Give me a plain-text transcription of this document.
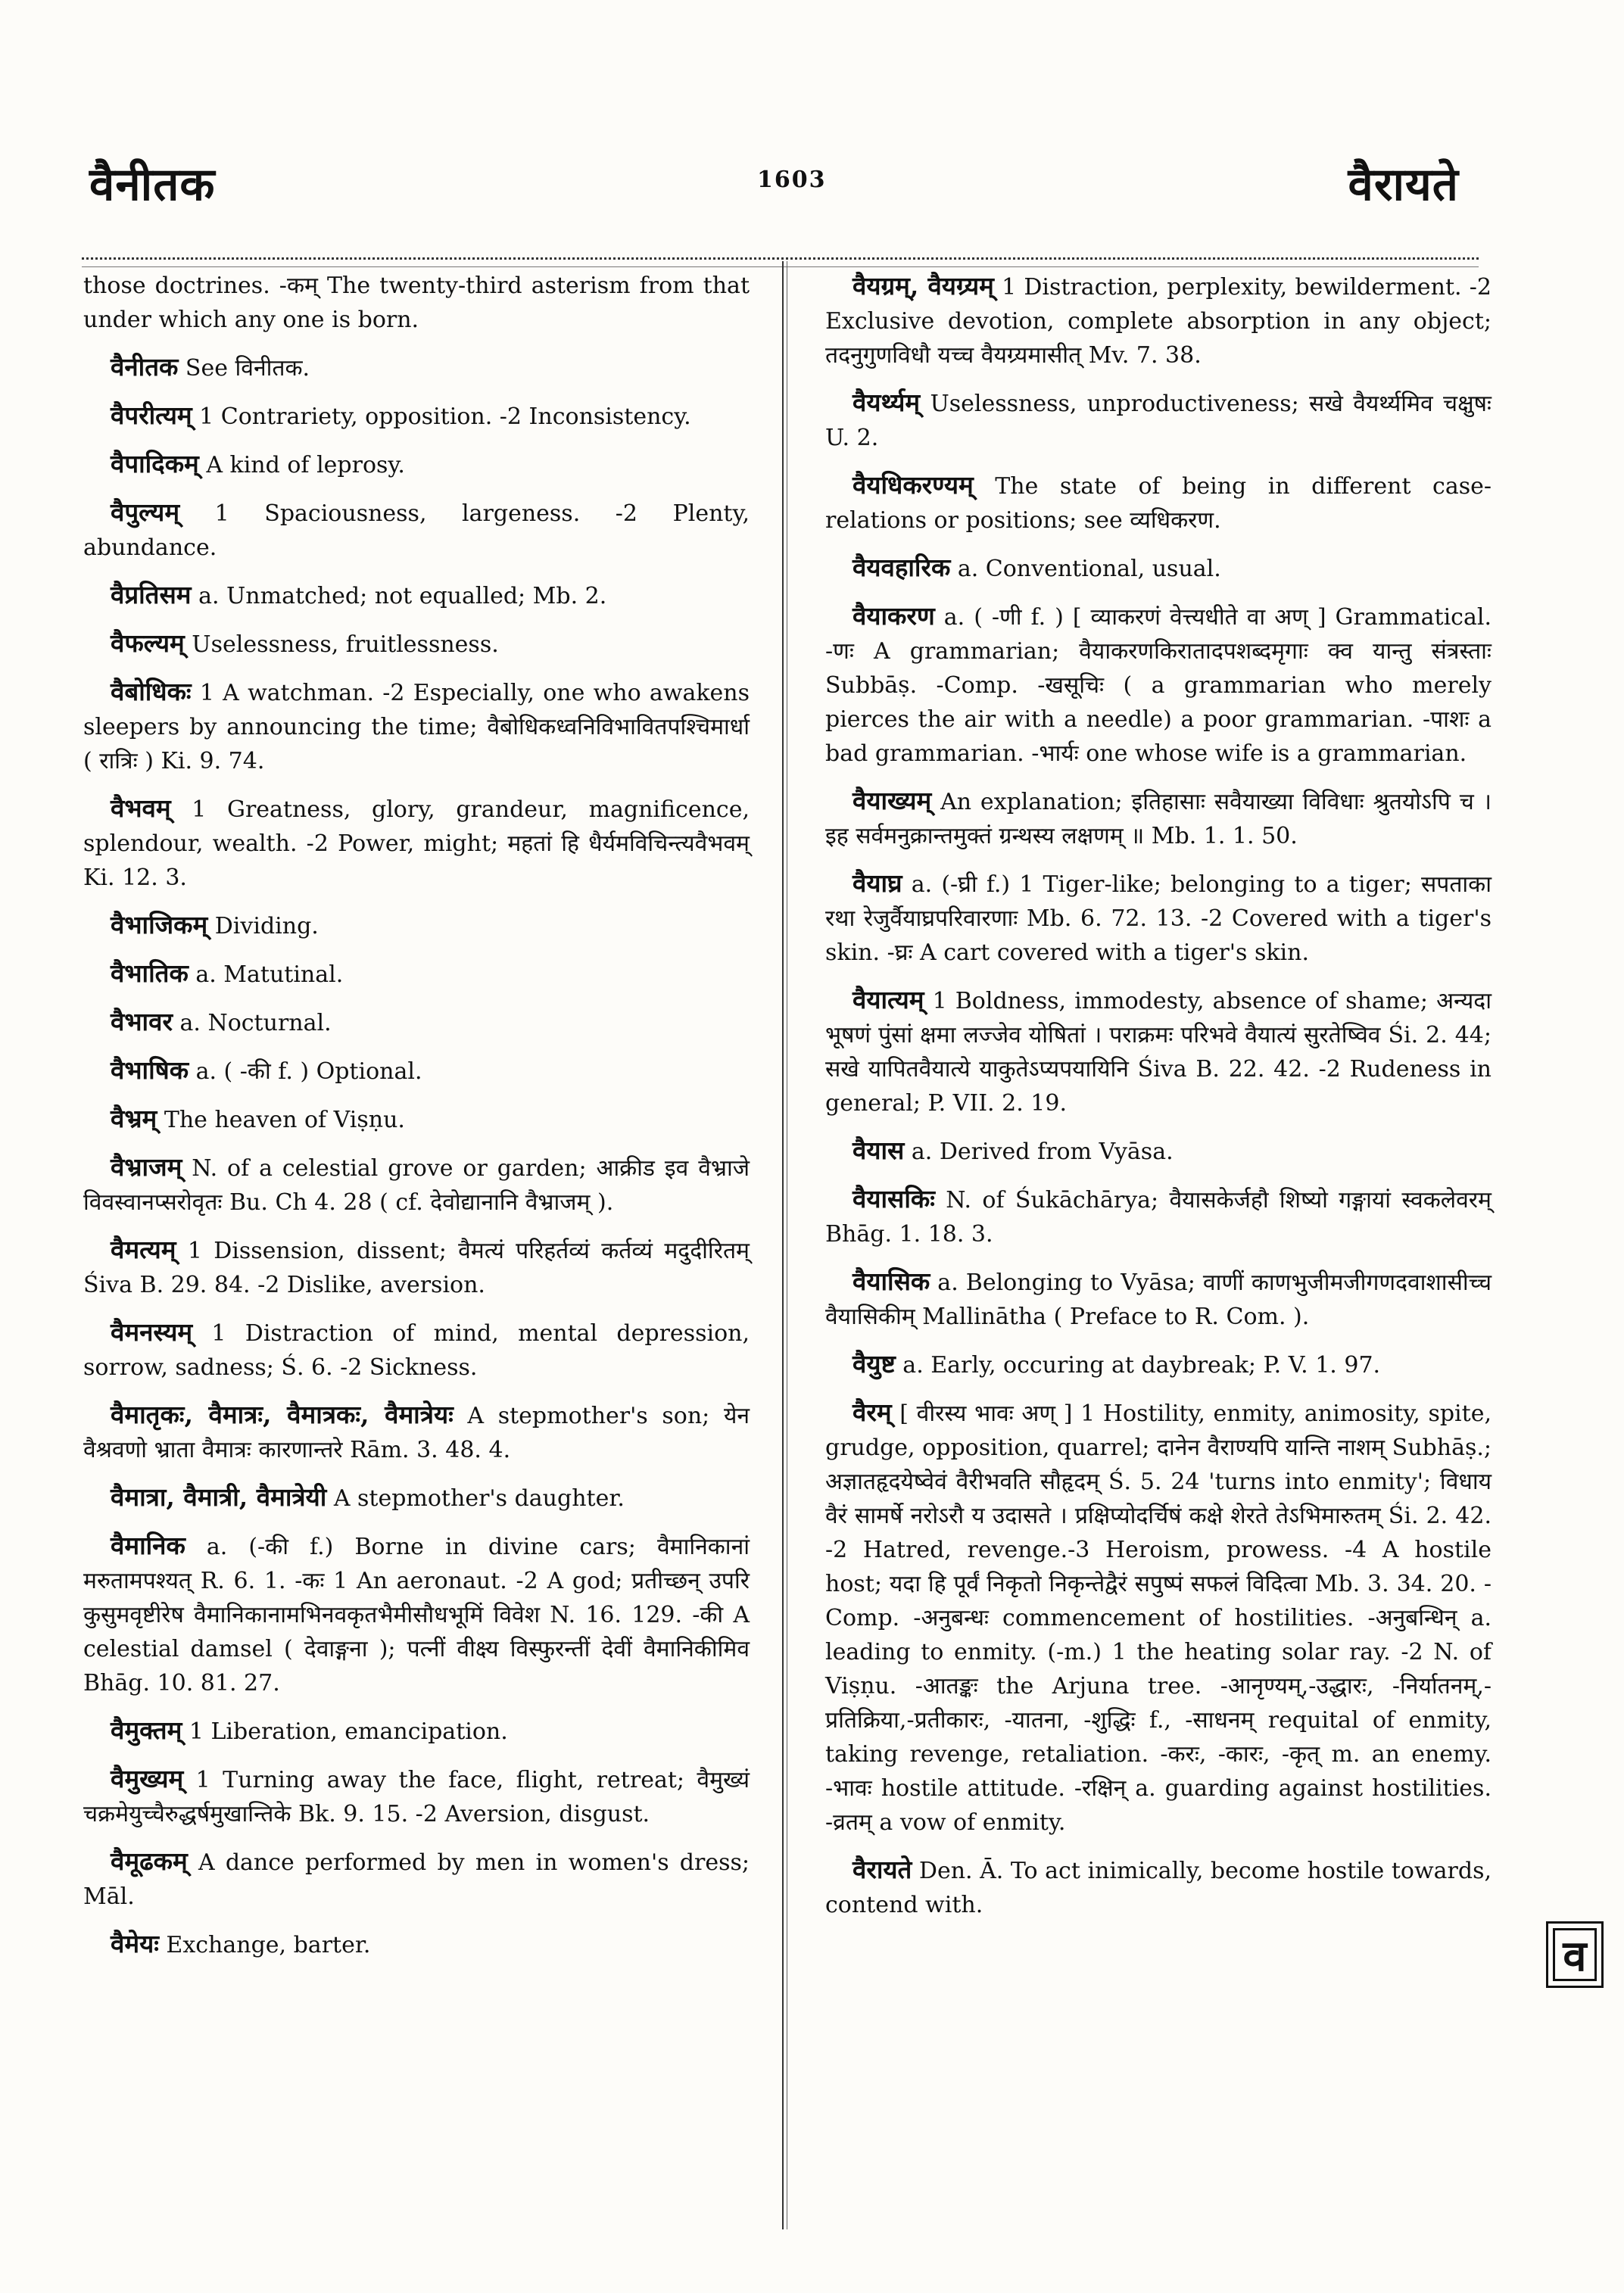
वैनीतक	1603	वैरायते

those doctrines. -कम् The twenty-third asterism from that under which any one is born.

वैनीतक See विनीतक.

वैपरीत्यम् 1 Contrariety, opposition. -2 Inconsistency.

वैपादिकम् A kind of leprosy.

वैपुल्यम् 1 Spaciousness, largeness. -2 Plenty, abundance.

वैप्रतिसम a. Unmatched; not equalled; Mb. 2.

वैफल्यम् Uselessness, fruitlessness.

वैबोधिकः 1 A watchman. -2 Especially, one who awakens sleepers by announcing the time; वैबोधिकध्वनिविभावितपश्चिमार्धा ( रात्रिः ) Ki. 9. 74.

वैभवम् 1 Greatness, glory, grandeur, magnificence, splendour, wealth. -2 Power, might; महतां हि धैर्यमविचिन्त्यवैभवम् Ki. 12. 3.

वैभाजिकम् Dividing.

वैभातिक a. Matutinal.

वैभावर a. Nocturnal.

वैभाषिक a. ( -की f. ) Optional.

वैभ्रम् The heaven of Viṣṇu.

वैभ्राजम् N. of a celestial grove or garden; आक्रीड इव वैभ्राजे विवस्वानप्सरोवृतः Bu. Ch 4. 28 ( cf. देवोद्यानानि वैभ्राजम् ).

वैमत्यम् 1 Dissension, dissent; वैमत्यं परिहर्तव्यं कर्तव्यं मदुदीरितम् Śiva B. 29. 84. -2 Dislike, aversion.

वैमनस्यम् 1 Distraction of mind, mental depression, sorrow, sadness; Ś. 6. -2 Sickness.

वैमातृकः, वैमात्रः, वैमात्रकः, वैमात्रेयः A stepmother's son; येन वैश्रवणो भ्राता वैमात्रः कारणान्तरे Rām. 3. 48. 4.

वैमात्रा, वैमात्री, वैमात्रेयी A stepmother's daughter.

वैमानिक a. (-की f.) Borne in divine cars; वैमानिकानां मरुतामपश्यत् R. 6. 1. -कः 1 An aeronaut. -2 A god; प्रतीच्छन् उपरि कुसुमवृष्टीरेष वैमानिकानामभिनवकृतभैमीसौधभूमिं विवेश N. 16. 129. -की A celestial damsel ( देवाङ्गना ); पत्नीं वीक्ष्य विस्फुरन्तीं देवीं वैमानिकीमिव Bhāg. 10. 81. 27.

वैमुक्तम् 1 Liberation, emancipation.

वैमुख्यम् 1 Turning away the face, flight, retreat; वैमुख्यं चक्रमेयुच्चैरुद्धर्षमुखान्तिके Bk. 9. 15. -2 Aversion, disgust.

वैमूढकम् A dance performed by men in women's dress; Māl.

वैमेयः Exchange, barter.

वैयग्रम्, वैयग्र्यम् 1 Distraction, perplexity, bewilderment. -2 Exclusive devotion, complete absorption in any object; तदनुगुणविधौ यच्च वैयग्र्यमासीत् Mv. 7. 38.

वैयर्थ्यम् Uselessness, unproductiveness; सखे वैयर्थ्यमिव चक्षुषः U. 2.

वैयधिकरण्यम् The state of being in different case-relations or positions; see व्यधिकरण.

वैयवहारिक a. Conventional, usual.

वैयाकरण a. ( -णी f. ) [ व्याकरणं वेत्त्यधीते वा अण् ] Grammatical. -णः A grammarian; वैयाकरणकिरातादपशब्दमृगाः क्व यान्तु संत्रस्ताः Subbāṣ. -Comp. -खसूचिः ( a grammarian who merely pierces the air with a needle) a poor grammarian. -पाशः a bad grammarian. -भार्यः one whose wife is a grammarian.

वैयाख्यम् An explanation; इतिहासाः सवैयाख्या विविधाः श्रुतयोऽपि च । इह सर्वमनुक्रान्तमुक्तं ग्रन्थस्य लक्षणम् ॥ Mb. 1. 1. 50.

वैयाघ्र a. (-घ्री f.) 1 Tiger-like; belonging to a tiger; सपताका रथा रेजुर्वैयाघ्रपरिवारणाः Mb. 6. 72. 13. -2 Covered with a tiger's skin. -घ्रः A cart covered with a tiger's skin.

वैयात्यम् 1 Boldness, immodesty, absence of shame; अन्यदा भूषणं पुंसां क्षमा लज्जेव योषितां । पराक्रमः परिभवे वैयात्यं सुरतेष्विव Śi. 2. 44; सखे यापितवैयात्ये याकुतेऽप्यपयायिनि Śiva B. 22. 42. -2 Rudeness in general; P. VII. 2. 19.

वैयास a. Derived from Vyāsa.

वैयासकिः N. of Śukāchārya; वैयासकेर्जहौ शिष्यो गङ्गायां स्वकलेवरम् Bhāg. 1. 18. 3.

वैयासिक a. Belonging to Vyāsa; वाणीं काणभुजीमजीगणदवाशासीच्च वैयासिकीम् Mallinātha ( Preface to R. Com. ).

वैयुष्ट a. Early, occuring at daybreak; P. V. 1. 97.

वैरम् [ वीरस्य भावः अण् ] 1 Hostility, enmity, animosity, spite, grudge, opposition, quarrel; दानेन वैराण्यपि यान्ति नाशम् Subhāṣ.; अज्ञातहृदयेष्वेवं वैरीभवति सौहृदम् Ś. 5. 24 'turns into enmity'; विधाय वैरं सामर्षे नरोऽरौ य उदासते । प्रक्षिप्योदर्चिषं कक्षे शेरते तेऽभिमारुतम् Śi. 2. 42. -2 Hatred, revenge.-3 Heroism, prowess. -4 A hostile host; यदा हि पूर्वं निकृतो निकृन्तेद्वैरं सपुष्पं सफलं विदित्वा Mb. 3. 34. 20. -Comp. -अनुबन्धः commencement of hostilities. -अनुबन्धिन् a. leading to enmity. (-m.) 1 the heating solar ray. -2 N. of Viṣṇu. -आतङ्कः the Arjuna tree. -आनृण्यम्,-उद्धारः, -निर्यातनम्,-प्रतिक्रिया,-प्रतीकारः, -यातना, -शुद्धिः f., -साधनम् requital of enmity, taking revenge, retaliation. -करः, -कारः, -कृत् m. an enemy. -भावः hostile attitude. -रक्षिन् a. guarding against hostilities. -व्रतम् a vow of enmity.

वैरायते Den. Ā. To act inimically, become hostile towards, contend with.

व
